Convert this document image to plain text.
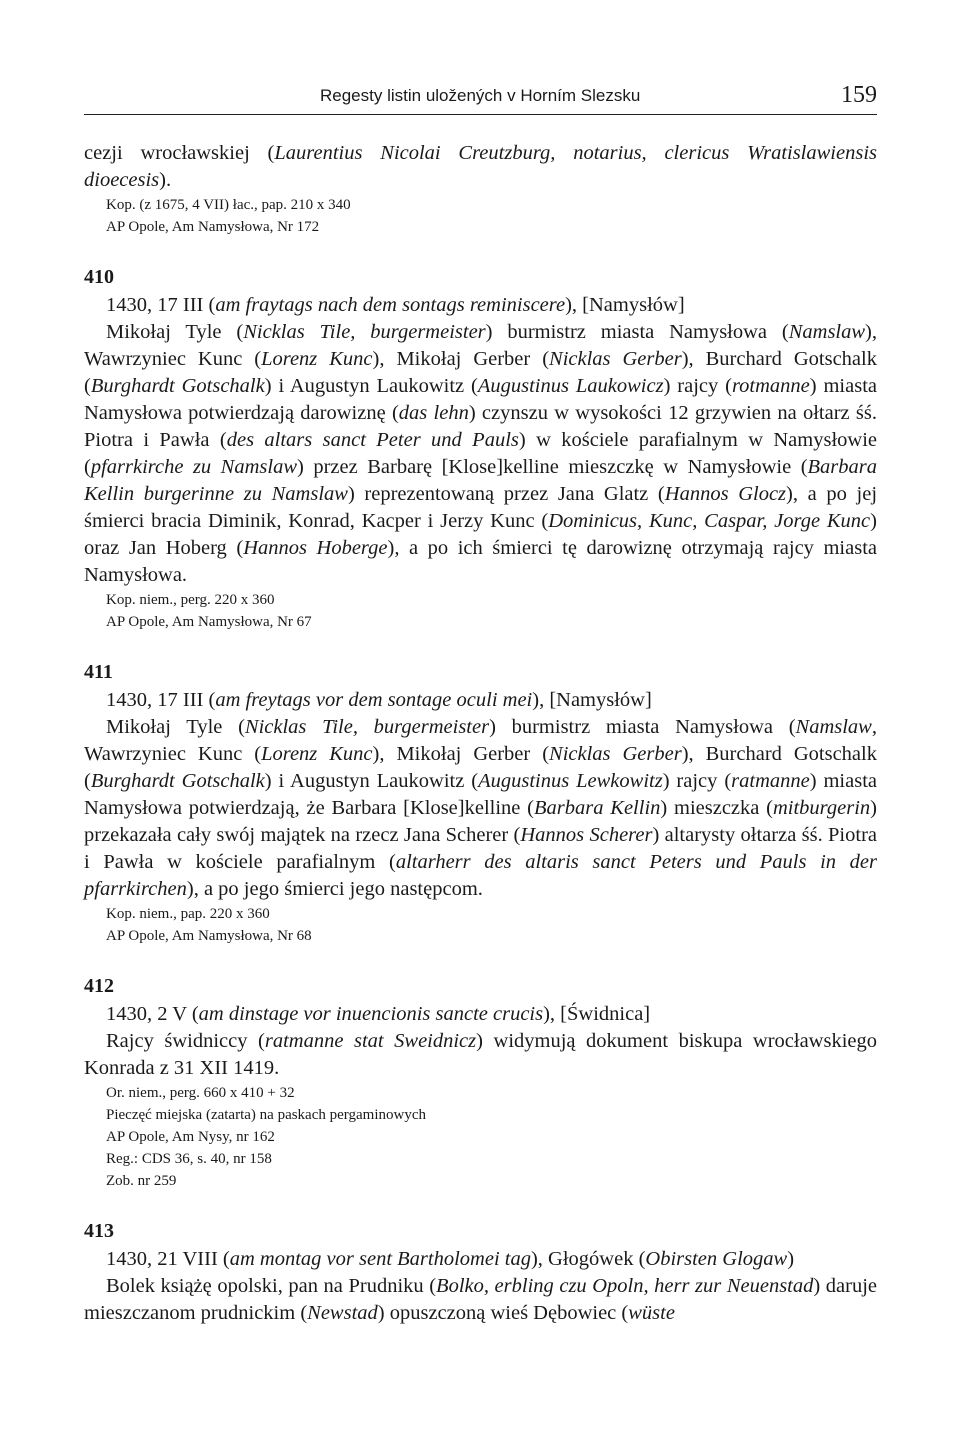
Regesty listin uložených v Horním Slezsku	159

cezji wrocławskiej (Laurentius Nicolai Creutzburg, notarius, clericus Wratislawiensis dioecesis).

Kop. (z 1675, 4 VII) łac., pap. 210 x 340

AP Opole, Am Namysłowa, Nr 172

410

1430, 17 III (am fraytags nach dem sontags reminiscere), [Namysłów]

Mikołaj Tyle (Nicklas Tile, burgermeister) burmistrz miasta Namysłowa (Namslaw), Wawrzyniec Kunc (Lorenz Kunc), Mikołaj Gerber (Nicklas Gerber), Burchard Gotschalk (Burghardt Gotschalk) i Augustyn Laukowitz (Augustinus Laukowicz) rajcy (rotmanne) miasta Namysłowa potwierdzają darowiznę (das lehn) czynszu w wysokości 12 grzywien na ołtarz śś. Piotra i Pawła (des altars sanct Peter und Pauls) w kościele parafialnym w Namysłowie (pfarrkirche zu Namslaw) przez Barbarę [Klose]kelline mieszczkę w Namysłowie (Barbara Kellin burgerinne zu Namslaw) reprezentowaną przez Jana Glatz (Hannos Glocz), a po jej śmierci bracia Diminik, Konrad, Kacper i Jerzy Kunc (Dominicus, Kunc, Caspar, Jorge Kunc) oraz Jan Hoberg (Hannos Hoberge), a po ich śmierci tę darowiznę otrzymają rajcy miasta Namysłowa.

Kop. niem., perg. 220 x 360

AP Opole, Am Namysłowa, Nr 67

411

1430, 17 III (am freytags vor dem sontage oculi mei), [Namysłów]

Mikołaj Tyle (Nicklas Tile, burgermeister) burmistrz miasta Namysłowa (Namslaw, Wawrzyniec Kunc (Lorenz Kunc), Mikołaj Gerber (Nicklas Gerber), Burchard Gotschalk (Burghardt Gotschalk) i Augustyn Laukowitz (Augustinus Lewkowitz) rajcy (ratmanne) miasta Namysłowa potwierdzają, że Barbara [Klose]kelline (Barbara Kellin) mieszczka (mitburgerin) przekazała cały swój majątek na rzecz Jana Scherer (Hannos Scherer) altarysty ołtarza śś. Piotra i Pawła w kościele parafialnym (altarherr des altaris sanct Peters und Pauls in der pfarrkirchen), a po jego śmierci jego następcom.

Kop. niem., pap. 220 x 360

AP Opole, Am Namysłowa, Nr 68

412

1430, 2 V (am dinstage vor inuencionis sancte crucis), [Świdnica]

Rajcy świdniccy (ratmanne stat Sweidnicz) widymują dokument biskupa wrocławskiego Konrada z 31 XII 1419.

Or. niem., perg. 660 x 410 + 32

Pieczęć miejska (zatarta) na paskach pergaminowych

AP Opole, Am Nysy, nr 162

Reg.: CDS 36, s. 40, nr 158

Zob. nr 259

413

1430, 21 VIII (am montag vor sent Bartholomei tag), Głogówek (Obirsten Glogaw)

Bolek książę opolski, pan na Prudniku (Bolko, erbling czu Opoln, herr zur Neuenstad) daruje mieszczanom prudnickim (Newstad) opuszczoną wieś Dębowiec (wüste
